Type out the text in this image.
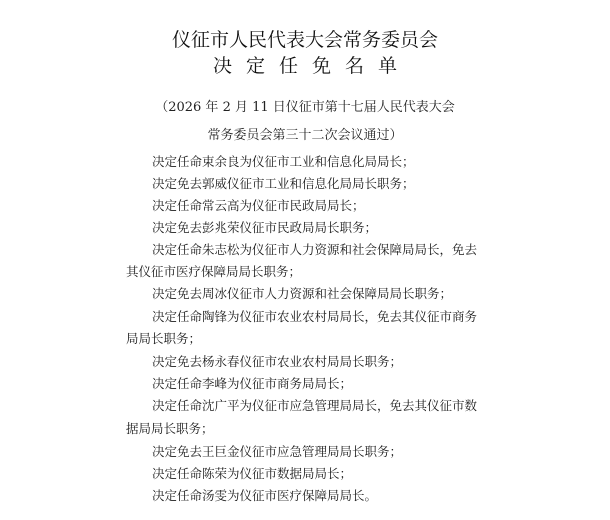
仪征市人民代表大会常务委员会
决定任免名单
（2026 年 2 月 11 日仪征市第十七届人民代表大会
常务委员会第三十二次会议通过）
决定任命束余良为仪征市工业和信息化局局长；
决定免去郭威仪征市工业和信息化局局长职务；
决定任命常云高为仪征市民政局局长；
决定免去彭兆荣仪征市民政局局长职务；
决定任命朱志松为仪征市人力资源和社会保障局局长，免去
其仪征市医疗保障局局长职务；
决定免去周冰仪征市人力资源和社会保障局局长职务；
决定任命陶锋为仪征市农业农村局局长，免去其仪征市商务
局局长职务；
决定免去杨永春仪征市农业农村局局长职务；
决定任命李峰为仪征市商务局局长；
决定任命沈广平为仪征市应急管理局局长，免去其仪征市数
据局局长职务；
决定免去王巨金仪征市应急管理局局长职务；
决定任命陈荣为仪征市数据局局长；
决定任命汤雯为仪征市医疗保障局局长。
